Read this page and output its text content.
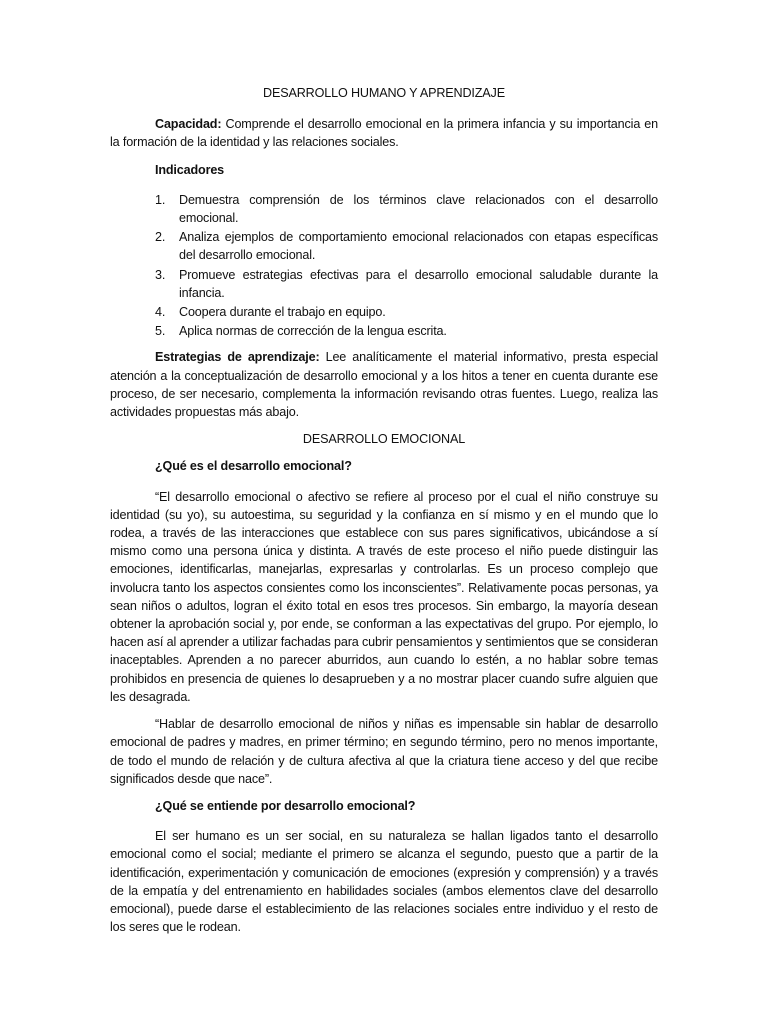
DESARROLLO HUMANO Y APRENDIZAJE

Capacidad: Comprende el desarrollo emocional en la primera infancia y su importancia en la formación de la identidad y las relaciones sociales.

Indicadores
1. Demuestra comprensión de los términos clave relacionados con el desarrollo emocional.
2. Analiza ejemplos de comportamiento emocional relacionados con etapas específicas del desarrollo emocional.
3. Promueve estrategias efectivas para el desarrollo emocional saludable durante la infancia.
4. Coopera durante el trabajo en equipo.
5. Aplica normas de corrección de la lengua escrita.

Estrategias de aprendizaje: Lee analíticamente el material informativo, presta especial atención a la conceptualización de desarrollo emocional y a los hitos a tener en cuenta durante ese proceso, de ser necesario, complementa la información revisando otras fuentes. Luego, realiza las actividades propuestas más abajo.

DESARROLLO EMOCIONAL
¿Qué es el desarrollo emocional?

“El desarrollo emocional o afectivo se refiere al proceso por el cual el niño construye su identidad (su yo), su autoestima, su seguridad y la confianza en sí mismo y en el mundo que lo rodea, a través de las interacciones que establece con sus pares significativos, ubicándose a sí mismo como una persona única y distinta. A través de este proceso el niño puede distinguir las emociones, identificarlas, manejarlas, expresarlas y controlarlas. Es un proceso complejo que involucra tanto los aspectos consientes como los inconscientes”. Relativamente pocas personas, ya sean niños o adultos, logran el éxito total en esos tres procesos. Sin embargo, la mayoría desean obtener la aprobación social y, por ende, se conforman a las expectativas del grupo. Por ejemplo, lo hacen así al aprender a utilizar fachadas para cubrir pensamientos y sentimientos que se consideran inaceptables. Aprenden a no parecer aburridos, aun cuando lo estén, a no hablar sobre temas prohibidos en presencia de quienes lo desaprueben y a no mostrar placer cuando sufre alguien que les desagrada.

“Hablar de desarrollo emocional de niños y niñas es impensable sin hablar de desarrollo emocional de padres y madres, en primer término; en segundo término, pero no menos importante, de todo el mundo de relación y de cultura afectiva al que la criatura tiene acceso y del que recibe significados desde que nace”.

¿Qué se entiende por desarrollo emocional?

El ser humano es un ser social, en su naturaleza se hallan ligados tanto el desarrollo emocional como el social; mediante el primero se alcanza el segundo, puesto que a partir de la identificación, experimentación y comunicación de emociones (expresión y comprensión) y a través de la empatía y del entrenamiento en habilidades sociales (ambos elementos clave del desarrollo emocional), puede darse el establecimiento de las relaciones sociales entre individuo y el resto de los seres que le rodean.
